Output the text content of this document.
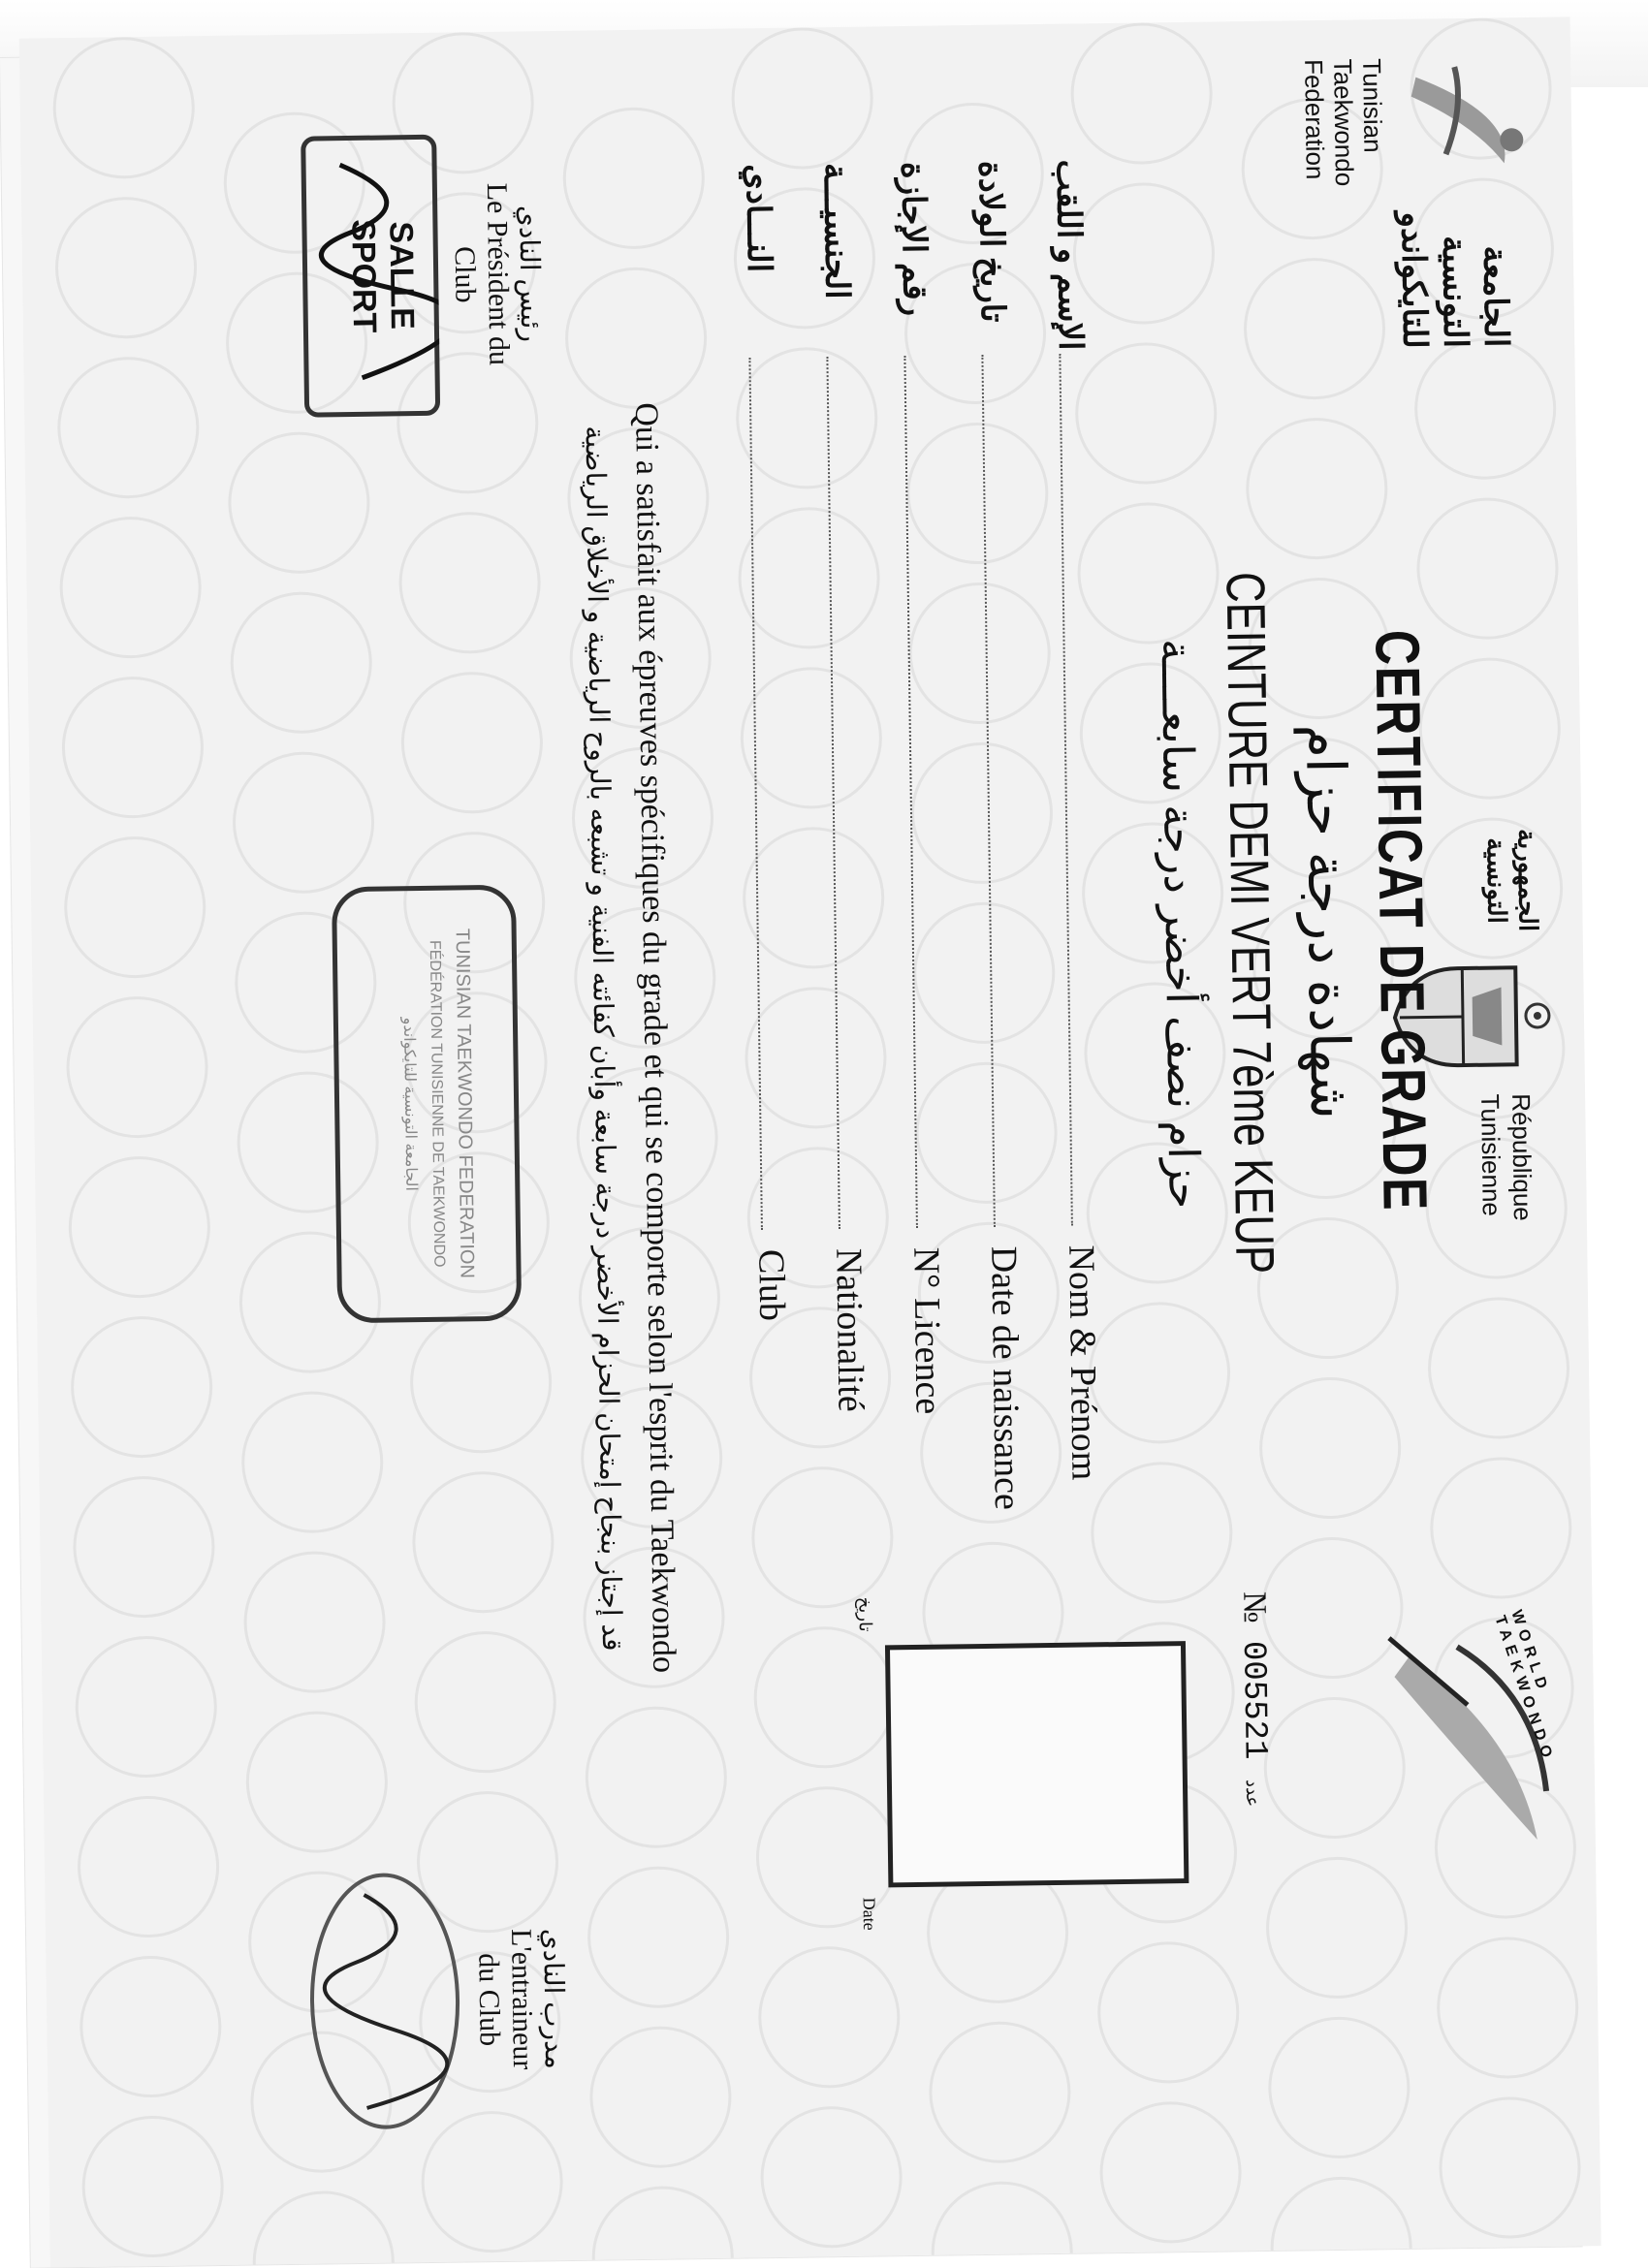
Tunisian
Taekwondo
Federation
الجامعة
التونسية
للتايكواندو
الجمهورية
التونسية
République
Tunisienne
WORLD TAEKWONDO
CERTIFICAT DE GRADE
شهادة درجة حزام
CEINTURE DEMI VERT 7ème KEUP
حزام نصف أخضر درجة سابعــــة
№ 005521 عدد
Date
تاريخ
Nom & Prénom
الإسم و اللقب
Date de naissance
تاريخ الولادة
N° Licence
رقم الإجازة
Nationalité
الجنسيـــة
Club
النـــادي
Qui a satisfait aux épreuves spécifiques du grade et qui se comporte selon l'esprit du Taekwondo
قد إجتاز بنجاح إمتحان الحزام الأخضر درجة سابعة وأبان كفائته الفنية و تشبعه بالروح الرياضية و الأخلاق الرياضية
مدرب النادي
L'entraineur
du Club
TUNISIAN TAEKWONDO FEDERATION
FÉDÉRATION TUNISIENNE DE TAEKWONDO
الجامعة التونسية للتايكواندو
رئيس النادي
Le Président du
Club
SALLE
SPORT
